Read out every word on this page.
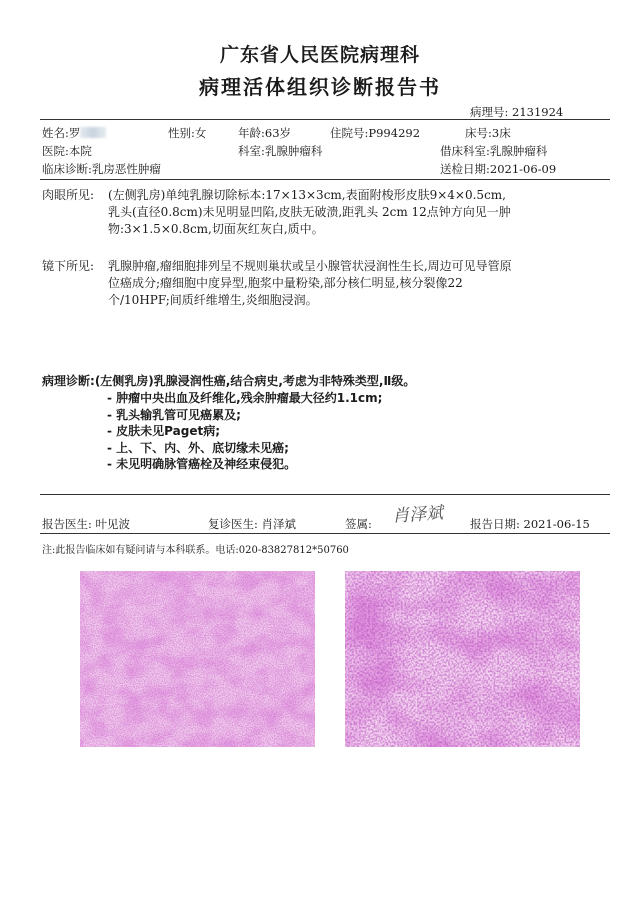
广东省人民医院病理科
病理活体组织诊断报告书
病理号: 2131924
姓名:罗	性别:女	年龄:63岁	住院号:P994292	床号:3床
医院:本院	科室:乳腺肿瘤科	借床科室:乳腺肿瘤科
临床诊断:乳房恶性肿瘤	送检日期:2021-06-09
肉眼所见: (左侧乳房)单纯乳腺切除标本:17×13×3cm,表面附梭形皮肤9×4×0.5cm,
乳头(直径0.8cm)未见明显凹陷,皮肤无破溃,距乳头 2cm 12点钟方向见一肿
物:3×1.5×0.8cm,切面灰红灰白,质中。
镜下所见: 乳腺肿瘤,瘤细胞排列呈不规则巢状或呈小腺管状浸润性生长,周边可见导管原
位癌成分;瘤细胞中度异型,胞浆中量粉染,部分核仁明显,核分裂像22
个/10HPF;间质纤维增生,炎细胞浸润。
病理诊断:(左侧乳房)乳腺浸润性癌,结合病史,考虑为非特殊类型,Ⅱ级。
- 肿瘤中央出血及纤维化,残余肿瘤最大径约1.1cm;
- 乳头输乳管可见癌累及;
- 皮肤未见Paget病;
- 上、下、内、外、底切缘未见癌;
- 未见明确脉管癌栓及神经束侵犯。
报告医生: 叶见波	复诊医生: 肖泽斌	签属: 肖泽斌 报告日期: 2021-06-15
注:此报告临床如有疑问请与本科联系。电话:020-83827812*50760
